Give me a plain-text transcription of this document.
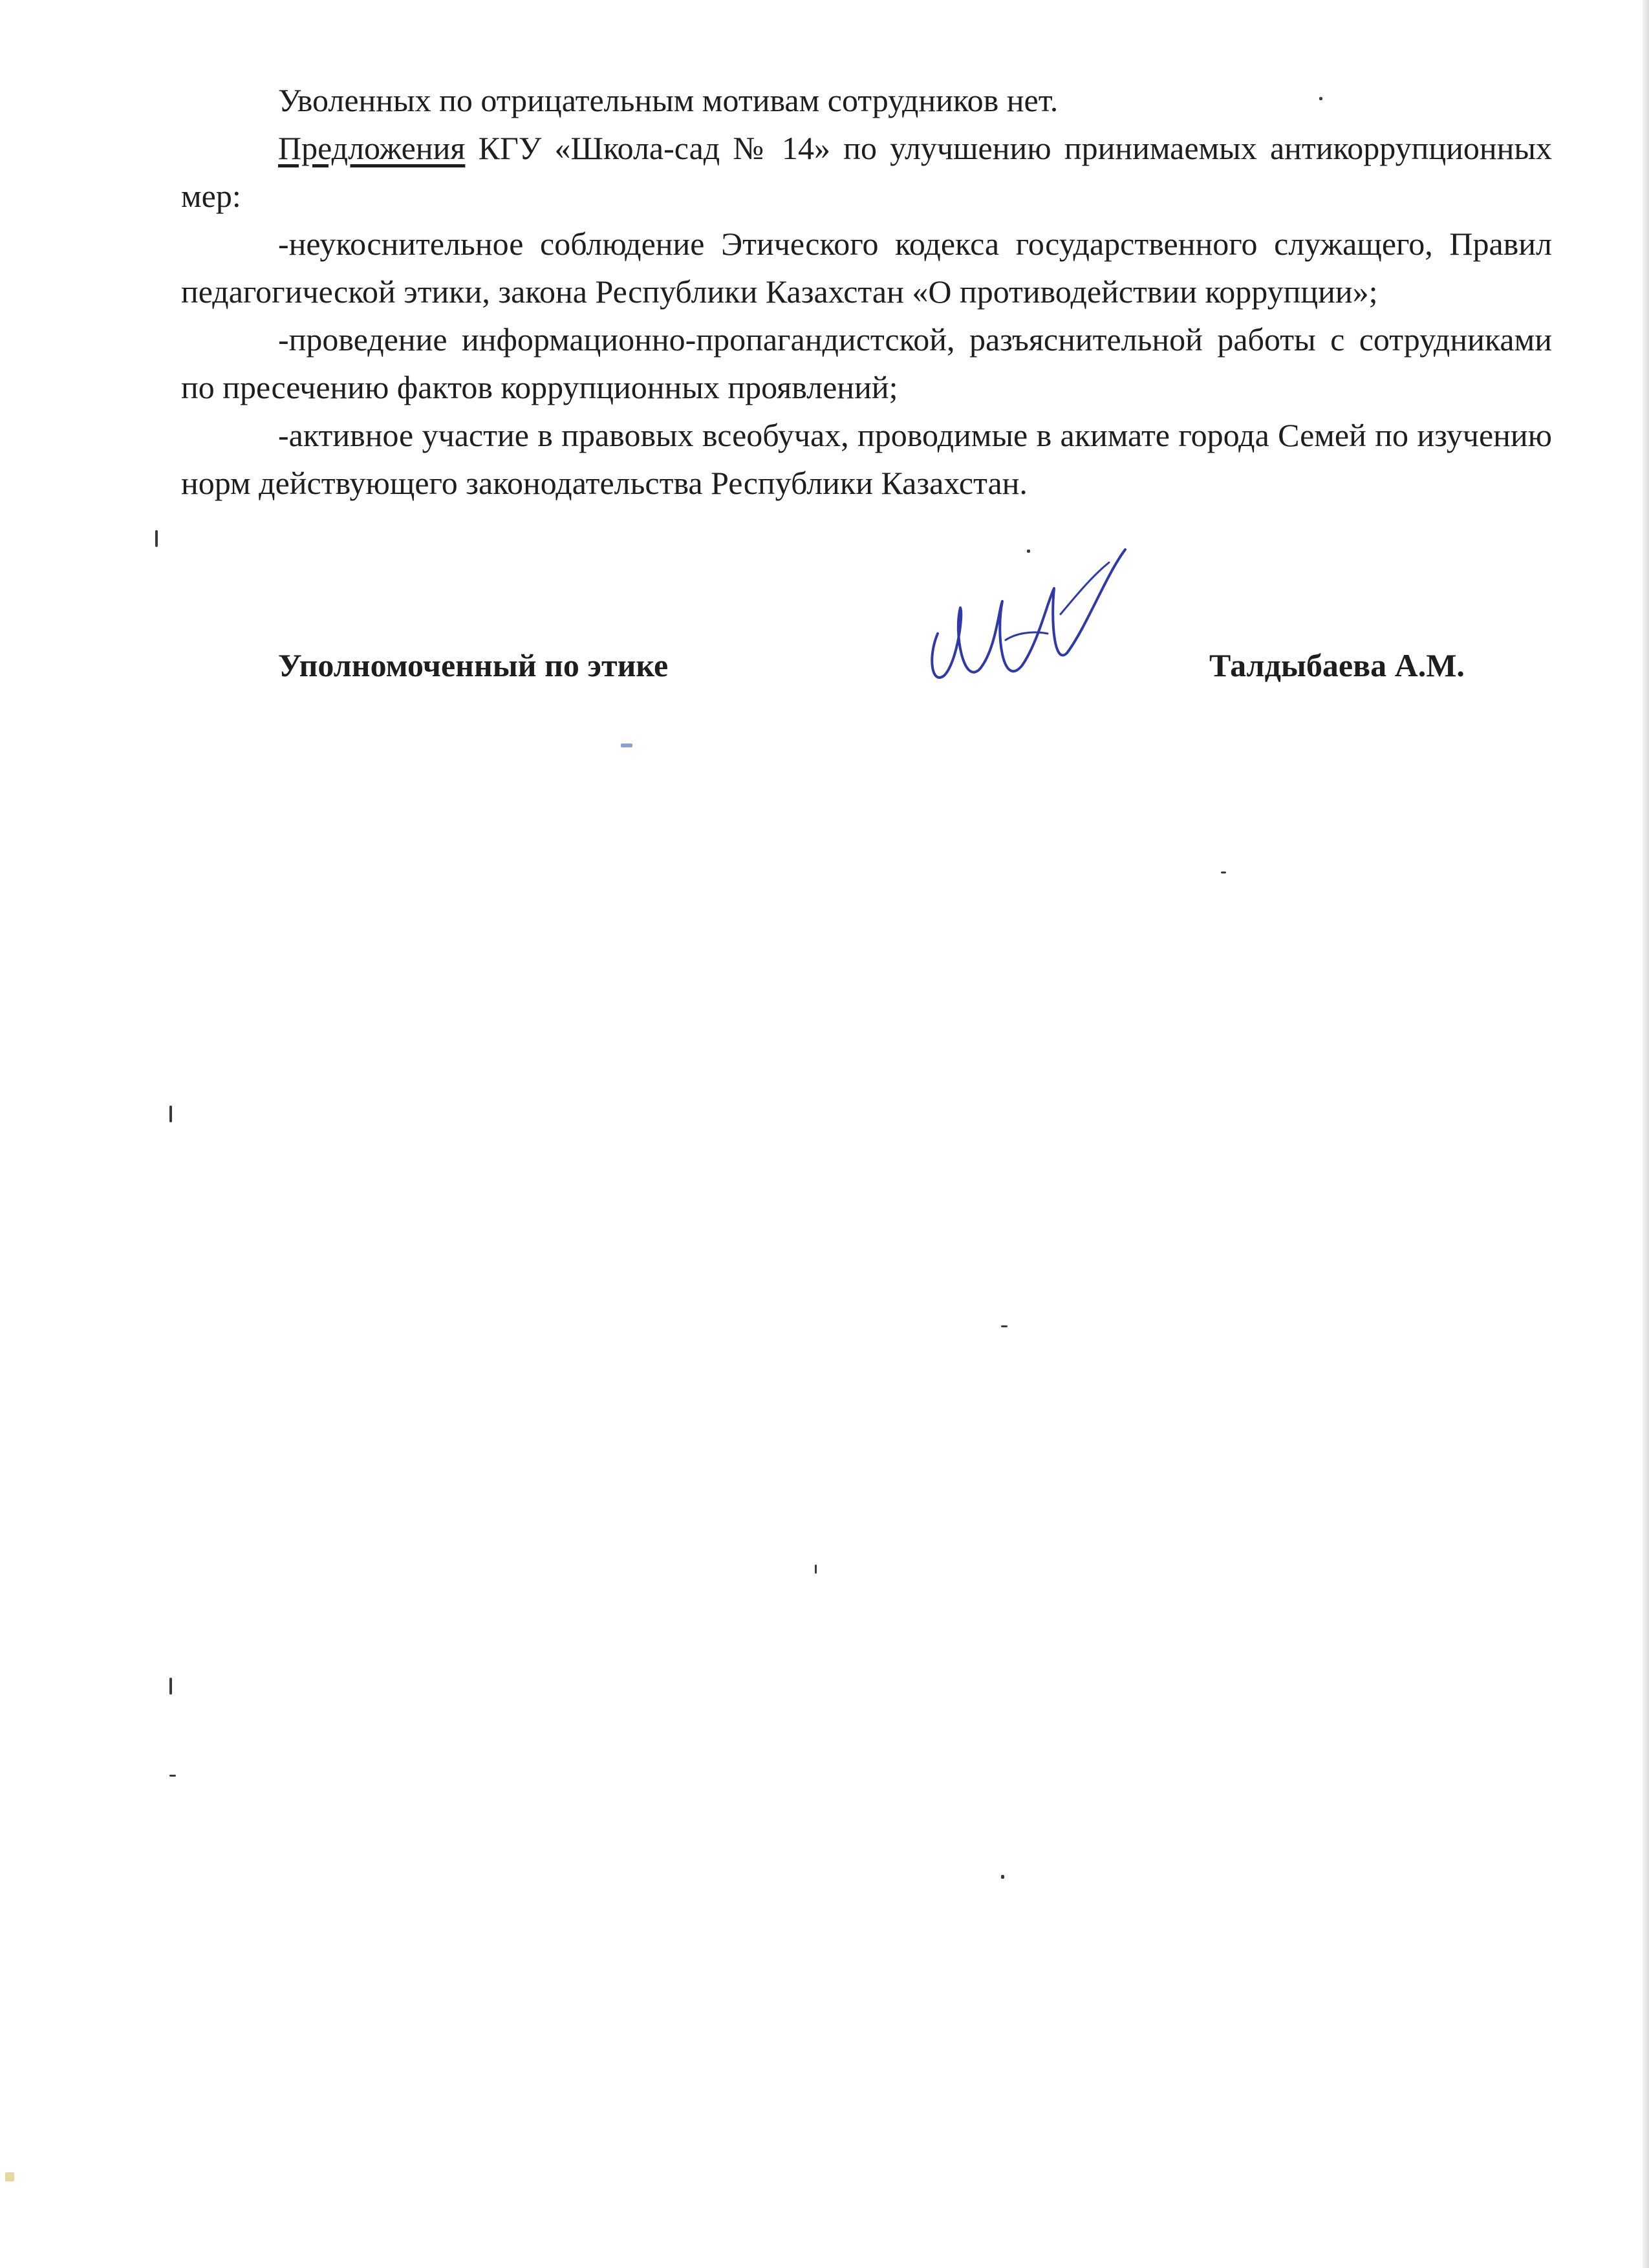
Уволенных по отрицательным мотивам сотрудников нет.

Предложения КГУ «Школа-сад № 14» по улучшению принимаемых антикоррупционных мер:

-неукоснительное соблюдение Этического кодекса государственного служащего, Правил педагогической этики, закона Республики Казахстан «О противодействии коррупции»;

-проведение информационно-пропагандистской, разъяснительной работы с сотрудниками по пресечению фактов коррупционных проявлений;

-активное участие в правовых всеобучах, проводимые в акимате города Семей по изучению норм действующего законодательства Республики Казахстан.

Уполномоченный по этике	Талдыбаева А.М.
